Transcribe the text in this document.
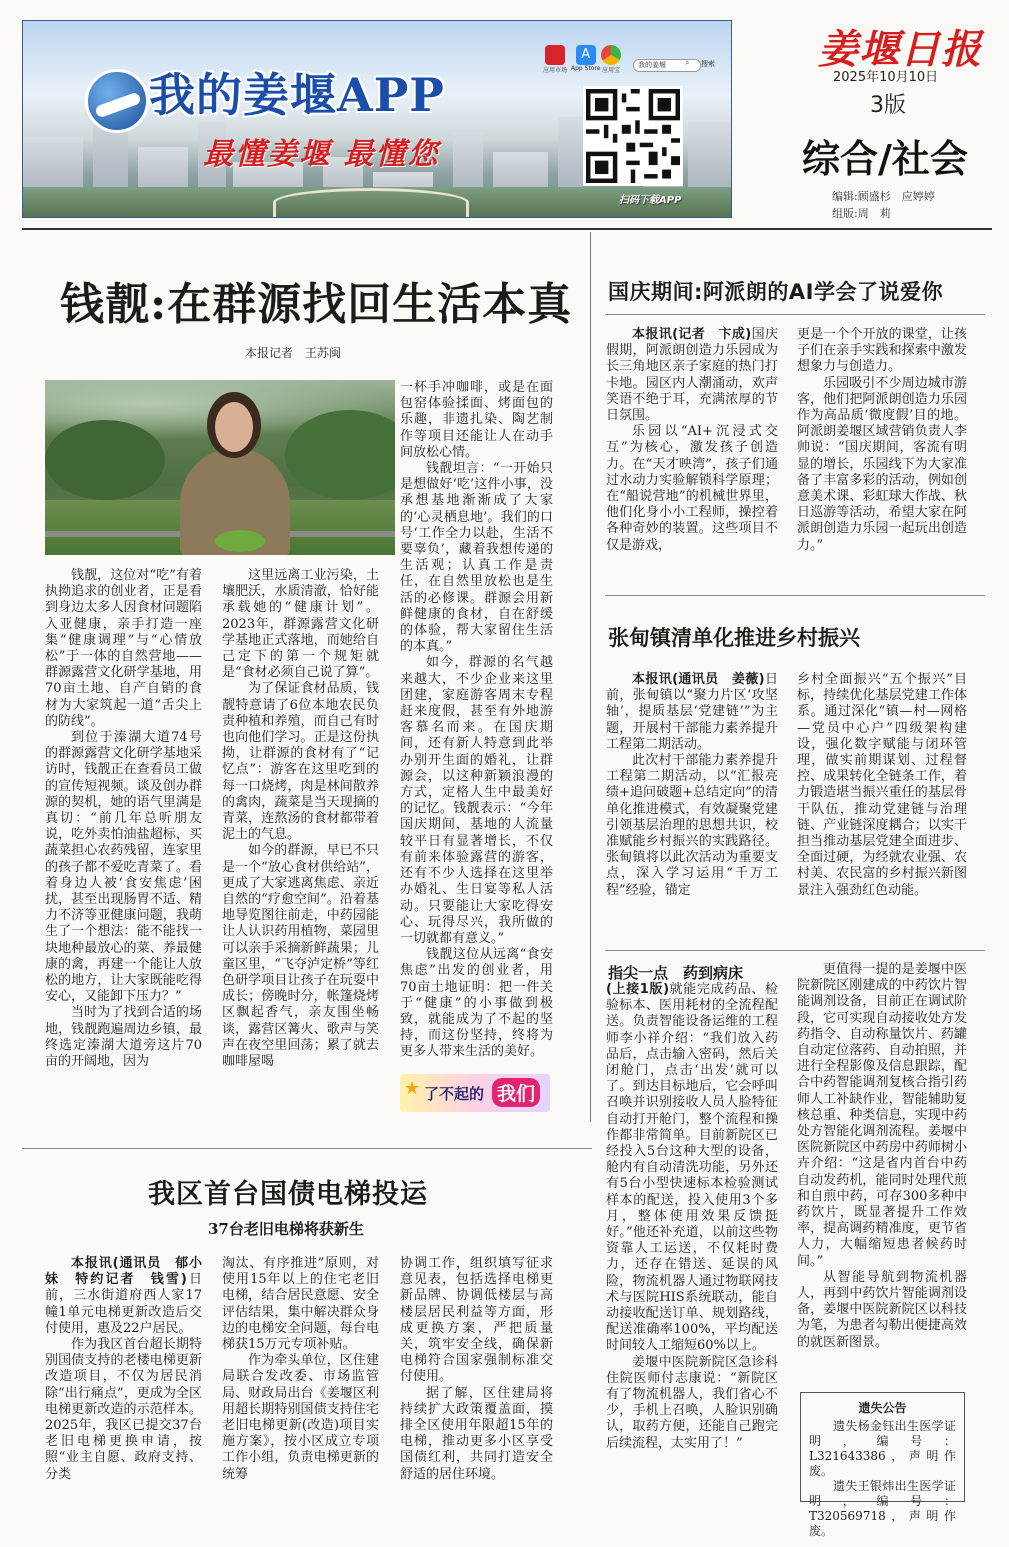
我的姜堰APP
最懂姜堰 最懂您
应用市场
A
App Store 应用宝
我的姜堰	⌕ 搜索
扫码下载APP
姜堰日报
2025年10月10日
3版
综合/社会
编辑:顾盛杉　应婷婷
组版:周　莉
钱靓:在群源找回生活本真
本报记者　王苏闽

钱靓，这位对“吃”有着执拗追求的创业者，正是看到身边太多人因食材问题陷入亚健康，亲手打造一座集“健康调理”与“心情放松”于一体的自然营地——群源露营文化研学基地，用70亩土地、自产自销的食材为大家筑起一道“舌尖上的防线”。

到位于溱湖大道74号的群源露营文化研学基地采访时，钱靓正在查看员工做的宣传短视频。谈及创办群源的契机，她的语气里满是真切：“前几年总听朋友说，吃外卖怕油盐超标，买蔬菜担心农药残留，连家里的孩子都不爱吃青菜了。看着身边人被‘食安焦虑’困扰，甚至出现肠胃不适、精力不济等亚健康问题，我萌生了一个想法：能不能找一块地种最放心的菜、养最健康的禽，再建一个能让人放松的地方，让大家既能吃得安心，又能卸下压力？”

当时为了找到合适的场地，钱靓跑遍周边乡镇，最终选定溱湖大道旁这片70亩的开阔地，因为

这里远离工业污染，土壤肥沃，水质清澈，恰好能承载她的“健康计划”。2023年，群源露营文化研学基地正式落地，而她给自己定下的第一个规矩就是“食材必须自己说了算”。

为了保证食材品质，钱靓特意请了6位本地农民负责种植和养殖，而自己有时也向他们学习。正是这份执拗，让群源的食材有了“记忆点”：游客在这里吃到的每一口烧烤，肉是林间散养的禽肉，蔬菜是当天现摘的青菜，连熬汤的食材都带着泥土的气息。

如今的群源，早已不只是一个“放心食材供给站”，更成了大家逃离焦虑、亲近自然的“疗愈空间”。沿着基地导览图往前走，中药园能让人认识药用植物，菜园里可以亲手采摘新鲜蔬果；儿童区里，“飞夺泸定桥”等红色研学项目让孩子在玩耍中成长；傍晚时分，帐篷烧烤区飘起香气，亲友围坐畅谈，露营区篝火、歌声与笑声在夜空里回荡；累了就去咖啡屋喝

一杯手冲咖啡，或是在面包窑体验揉面、烤面包的乐趣，非遗扎染、陶艺制作等项目还能让人在动手间放松心情。

钱靓坦言：“一开始只是想做好‘吃’这件小事，没承想基地渐渐成了大家的‘心灵栖息地’。我们的口号‘工作全力以赴，生活不要辜负’，藏着我想传递的生活观；认真工作是责任，在自然里放松也是生活的必修课。群源会用新鲜健康的食材，自在舒缓的体验，帮大家留住生活的本真。”

如今，群源的名气越来越大，不少企业来这里团建，家庭游客周末专程赶来度假，甚至有外地游客慕名而来。在国庆期间，还有新人特意到此举办别开生面的婚礼，让群源会，以这种新颖浪漫的方式，定格人生中最美好的记忆。钱靓表示：“今年国庆期间，基地的人流量较平日有显著增长，不仅有前来体验露营的游客，还有不少人选择在这里举办婚礼、生日宴等私人活动。只要能让大家吃得安心、玩得尽兴，我所做的一切就都有意义。”

钱靓这位从远离“食安焦虑”出发的创业者，用70亩土地证明：把一件关于“健康”的小事做到极致，就能成为了不起的坚持，而这份坚持，终将为更多人带来生活的美好。

★ 了不起的 我们
国庆期间:阿派朗的AI学会了说爱你

本报讯(记者　卞成)国庆假期，阿派朗创造力乐园成为长三角地区亲子家庭的热门打卡地。园区内人潮涌动，欢声笑语不绝于耳，充满浓厚的节日氛围。

乐园以“AI+沉浸式交互”为核心，激发孩子创造力。在“天才映湾”，孩子们通过水动力实验解锁科学原理；在“船说营地”的机械世界里，他们化身小小工程师，操控着各种奇妙的装置。这些项目不仅是游戏，

更是一个个开放的课堂，让孩子们在亲手实践和探索中激发想象力与创造力。

乐园吸引不少周边城市游客，他们把阿派朗创造力乐园作为高品质‘微度假’目的地。阿派朗姜堰区域营销负责人李帅说：“国庆期间，客流有明显的增长，乐园线下为大家准备了丰富多彩的活动，例如创意美术课、彩虹球大作战、秋日巡游等活动，希望大家在阿派朗创造力乐园一起玩出创造力。”

张甸镇清单化推进乡村振兴

本报讯(通讯员　姜薇)日前，张甸镇以“聚力片区‘攻坚轴’，提质基层‘党建链’”为主题，开展村干部能力素养提升工程第二期活动。

此次村干部能力素养提升工程第二期活动，以“汇报亮绩+追问破题+总结定向”的清单化推进模式，有效凝聚党建引领基层治理的思想共识，校准赋能乡村振兴的实践路径。张甸镇将以此次活动为重要支点，深入学习运用“千万工程”经验，锚定

乡村全面振兴“五个振兴”目标，持续优化基层党建工作体系。通过深化“镇—村—网格—党员中心户”四级架构建设，强化数字赋能与闭环管理，做实前期谋划、过程督控、成果转化全链条工作，着力锻造堪当振兴重任的基层骨干队伍，推动党建链与治理链、产业链深度耦合；以实干担当推动基层党建全面进步、全面过硬，为经就农业强、农村美、农民富的乡村振兴新图景注入强劲红色动能。

指尖一点　药到病床

(上接1版)就能完成药品、检验标本、医用耗材的全流程配送。负责智能设备运维的工程师李小祥介绍：“我们放入药品后，点击输入密码，然后关闭舱门，点击‘出发’就可以了。到达目标地后，它会呼叫召唤并识别接收人员人脸特征自动打开舱门，整个流程和操作都非常简单。目前新院区已经投入5台这种大型的设备，舱内有自动清洗功能，另外还有5台小型快速标本检验测试样本的配送，投入使用3个多月，整体使用效果反馈挺好。”他还补充道，以前这些物资靠人工运送，不仅耗时费力，还存在错送、延误的风险，物流机器人通过物联网技术与医院HIS系统联动，能自动接收配送订单、规划路线，配送准确率100%，平均配送时间较人工缩短60%以上。

姜堰中医院新院区急诊科住院医师付志康说：“新院区有了物流机器人，我们省心不少，手机上召唤，人脸识别确认，取药方便，还能自己跑完后续流程，太实用了！”

更值得一提的是姜堰中医院新院区刚建成的中药饮片智能调剂设备，目前正在调试阶段，它可实现自动接收处方发药指令、自动称量饮片、药罐自动定位落药、自动拍照，并进行全程影像及信息跟踪，配合中药智能调剂复核合指引药师人工补缺作业，智能辅助复核总重、种类信息，实现中药处方智能化调剂流程。姜堰中医院新院区中药房中药师树小卉介绍：“这是省内首台中药自动发药机，能同时处理代煎和自煎中药，可存300多种中药饮片，既显著提升工作效率，提高调药精准度，更节省人力，大幅缩短患者候药时间。”

从智能导航到物流机器人，再到中药饮片智能调剂设备，姜堰中医院新院区以科技为笔，为患者勾勒出便捷高效的就医新图景。

遗失公告

遗失杨金钰出生医学证明，编号：L321643386，声明作废。

遗失王银炜出生医学证明，编号：T320569718，声明作废。

我区首台国债电梯投运
37台老旧电梯将获新生

本报讯(通讯员　郁小妹　特约记者　钱雪)日前，三水街道府西人家17幢1单元电梯更新改造后交付使用，惠及22户居民。

作为我区首台超长期特别国债支持的老楼电梯更新改造项目，不仅为居民消除“出行痛点”，更成为全区电梯更新改造的示范样本。2025年，我区已提交37台老旧电梯更换申请，按照“业主自愿、政府支持、分类

淘汰、有序推进”原则，对使用15年以上的住宅老旧电梯，结合居民意愿、安全评估结果，集中解决群众身边的电梯安全问题，每台电梯获15万元专项补贴。

作为牵头单位，区住建局联合发改委、市场监管局、财政局出台《姜堰区利用超长期特别国债支持住宅老旧电梯更新(改造)项目实施方案》，按小区成立专项工作小组，负责电梯更新的统筹

协调工作，组织填写征求意见表，包括选择电梯更新品牌、协调低楼层与高楼层居民利益等方面，形成更换方案，严把质量关，筑牢安全线，确保新电梯符合国家强制标准交付使用。

据了解，区住建局将持续扩大政策覆盖面，摸排全区使用年限超15年的电梯，推动更多小区享受国债红利，共同打造安全舒适的居住环境。
